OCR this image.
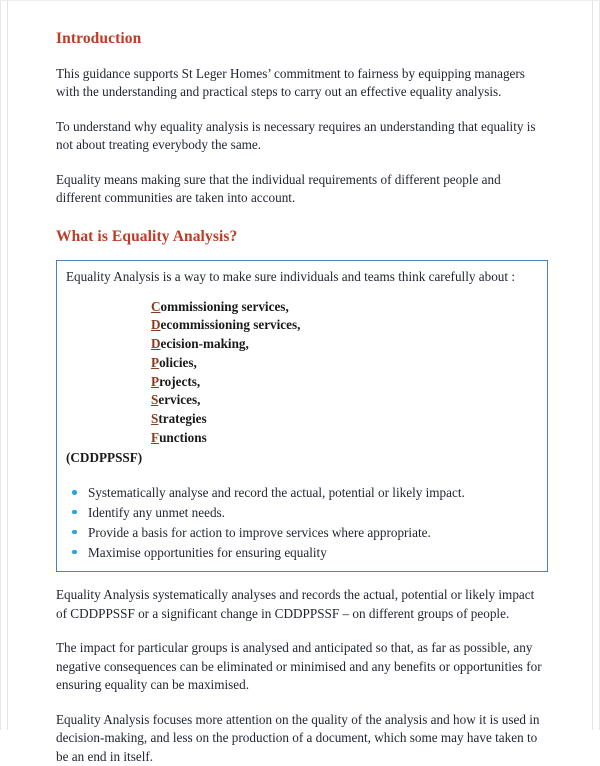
Introduction

This guidance supports St Leger Homes’ commitment to fairness by equipping managers with the understanding and practical steps to carry out an effective equality analysis.

To understand why equality analysis is necessary requires an understanding that equality is not about treating everybody the same.

Equality means making sure that the individual requirements of different people and different communities are taken into account.

What is Equality Analysis?

Equality Analysis is a way to make sure individuals and teams think carefully about :

Commissioning services,
Decommissioning services,
Decision-making,
Policies,
Projects,
Services,
Strategies
Functions

(CDDPPSSF)

Systematically analyse and record the actual, potential or likely impact.
Identify any unmet needs.
Provide a basis for action to improve services where appropriate.
Maximise opportunities for ensuring equality

Equality Analysis systematically analyses and records the actual, potential or likely impact of CDDPPSSF or a significant change in CDDPPSSF – on different groups of people.

The impact for particular groups is analysed and anticipated so that, as far as possible, any negative consequences can be eliminated or minimised and any benefits or opportunities for ensuring equality can be maximised.

Equality Analysis focuses more attention on the quality of the analysis and how it is used in decision-making, and less on the production of a document, which some may have taken to be an end in itself.
